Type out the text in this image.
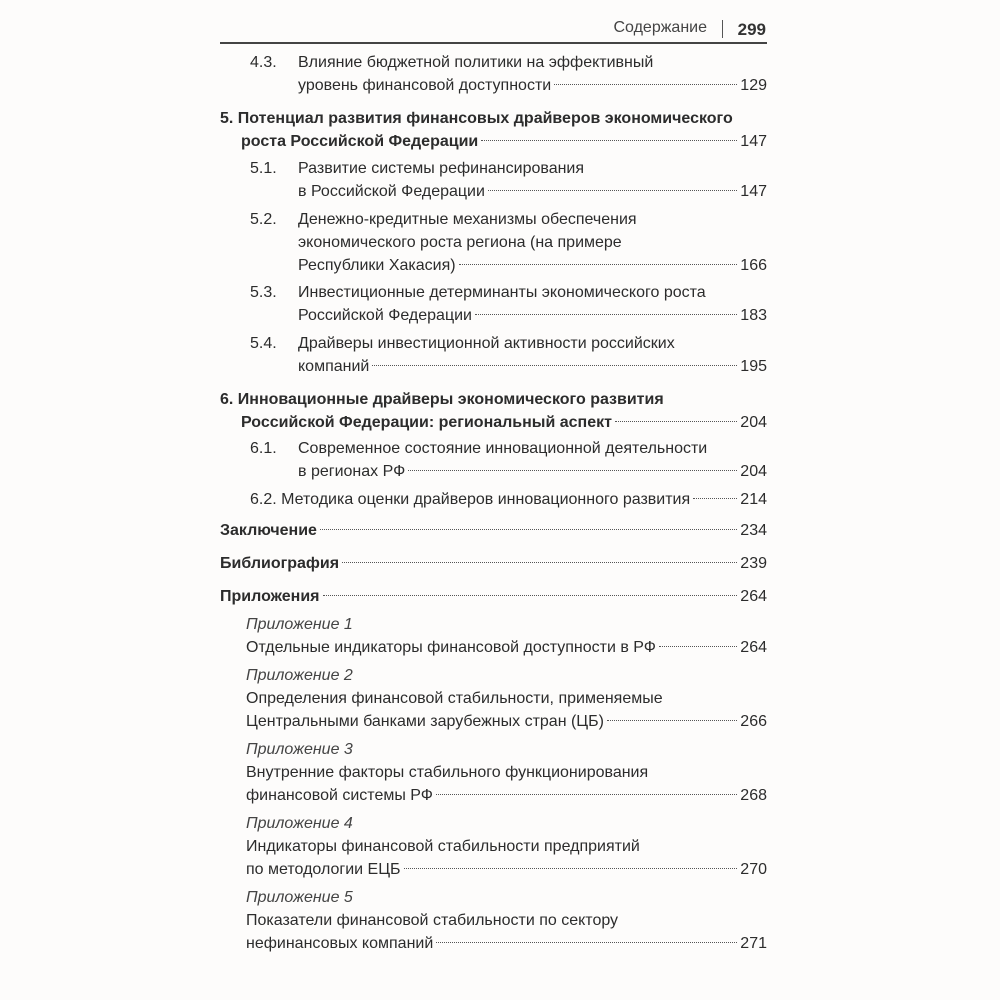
Содержание 299
4.3. Влияние бюджетной политики на эффективный
уровень финансовой доступности	129
5. Потенциал развития финансовых драйверов экономического
роста Российской Федерации	147
5.1. Развитие системы рефинансирования
в Российской Федерации	147
5.2. Денежно-кредитные механизмы обеспечения
экономического роста региона (на примере
Республики Хакасия)	166
5.3. Инвестиционные детерминанты экономического роста
Российской Федерации	183
5.4. Драйверы инвестиционной активности российских
компаний	195
6. Инновационные драйверы экономического развития
Российской Федерации: региональный аспект	204
6.1. Современное состояние инновационной деятельности
в регионах РФ	204
6.2. Методика оценки драйверов инновационного развития	214
Заключение	234
Библиография	239
Приложения	264
Приложение 1
Отдельные индикаторы финансовой доступности в РФ	264
Приложение 2
Определения финансовой стабильности, применяемые
Центральными банками зарубежных стран (ЦБ)	266
Приложение 3
Внутренние факторы стабильного функционирования
финансовой системы РФ	268
Приложение 4
Индикаторы финансовой стабильности предприятий
по методологии ЕЦБ	270
Приложение 5
Показатели финансовой стабильности по сектору
нефинансовых компаний	271
